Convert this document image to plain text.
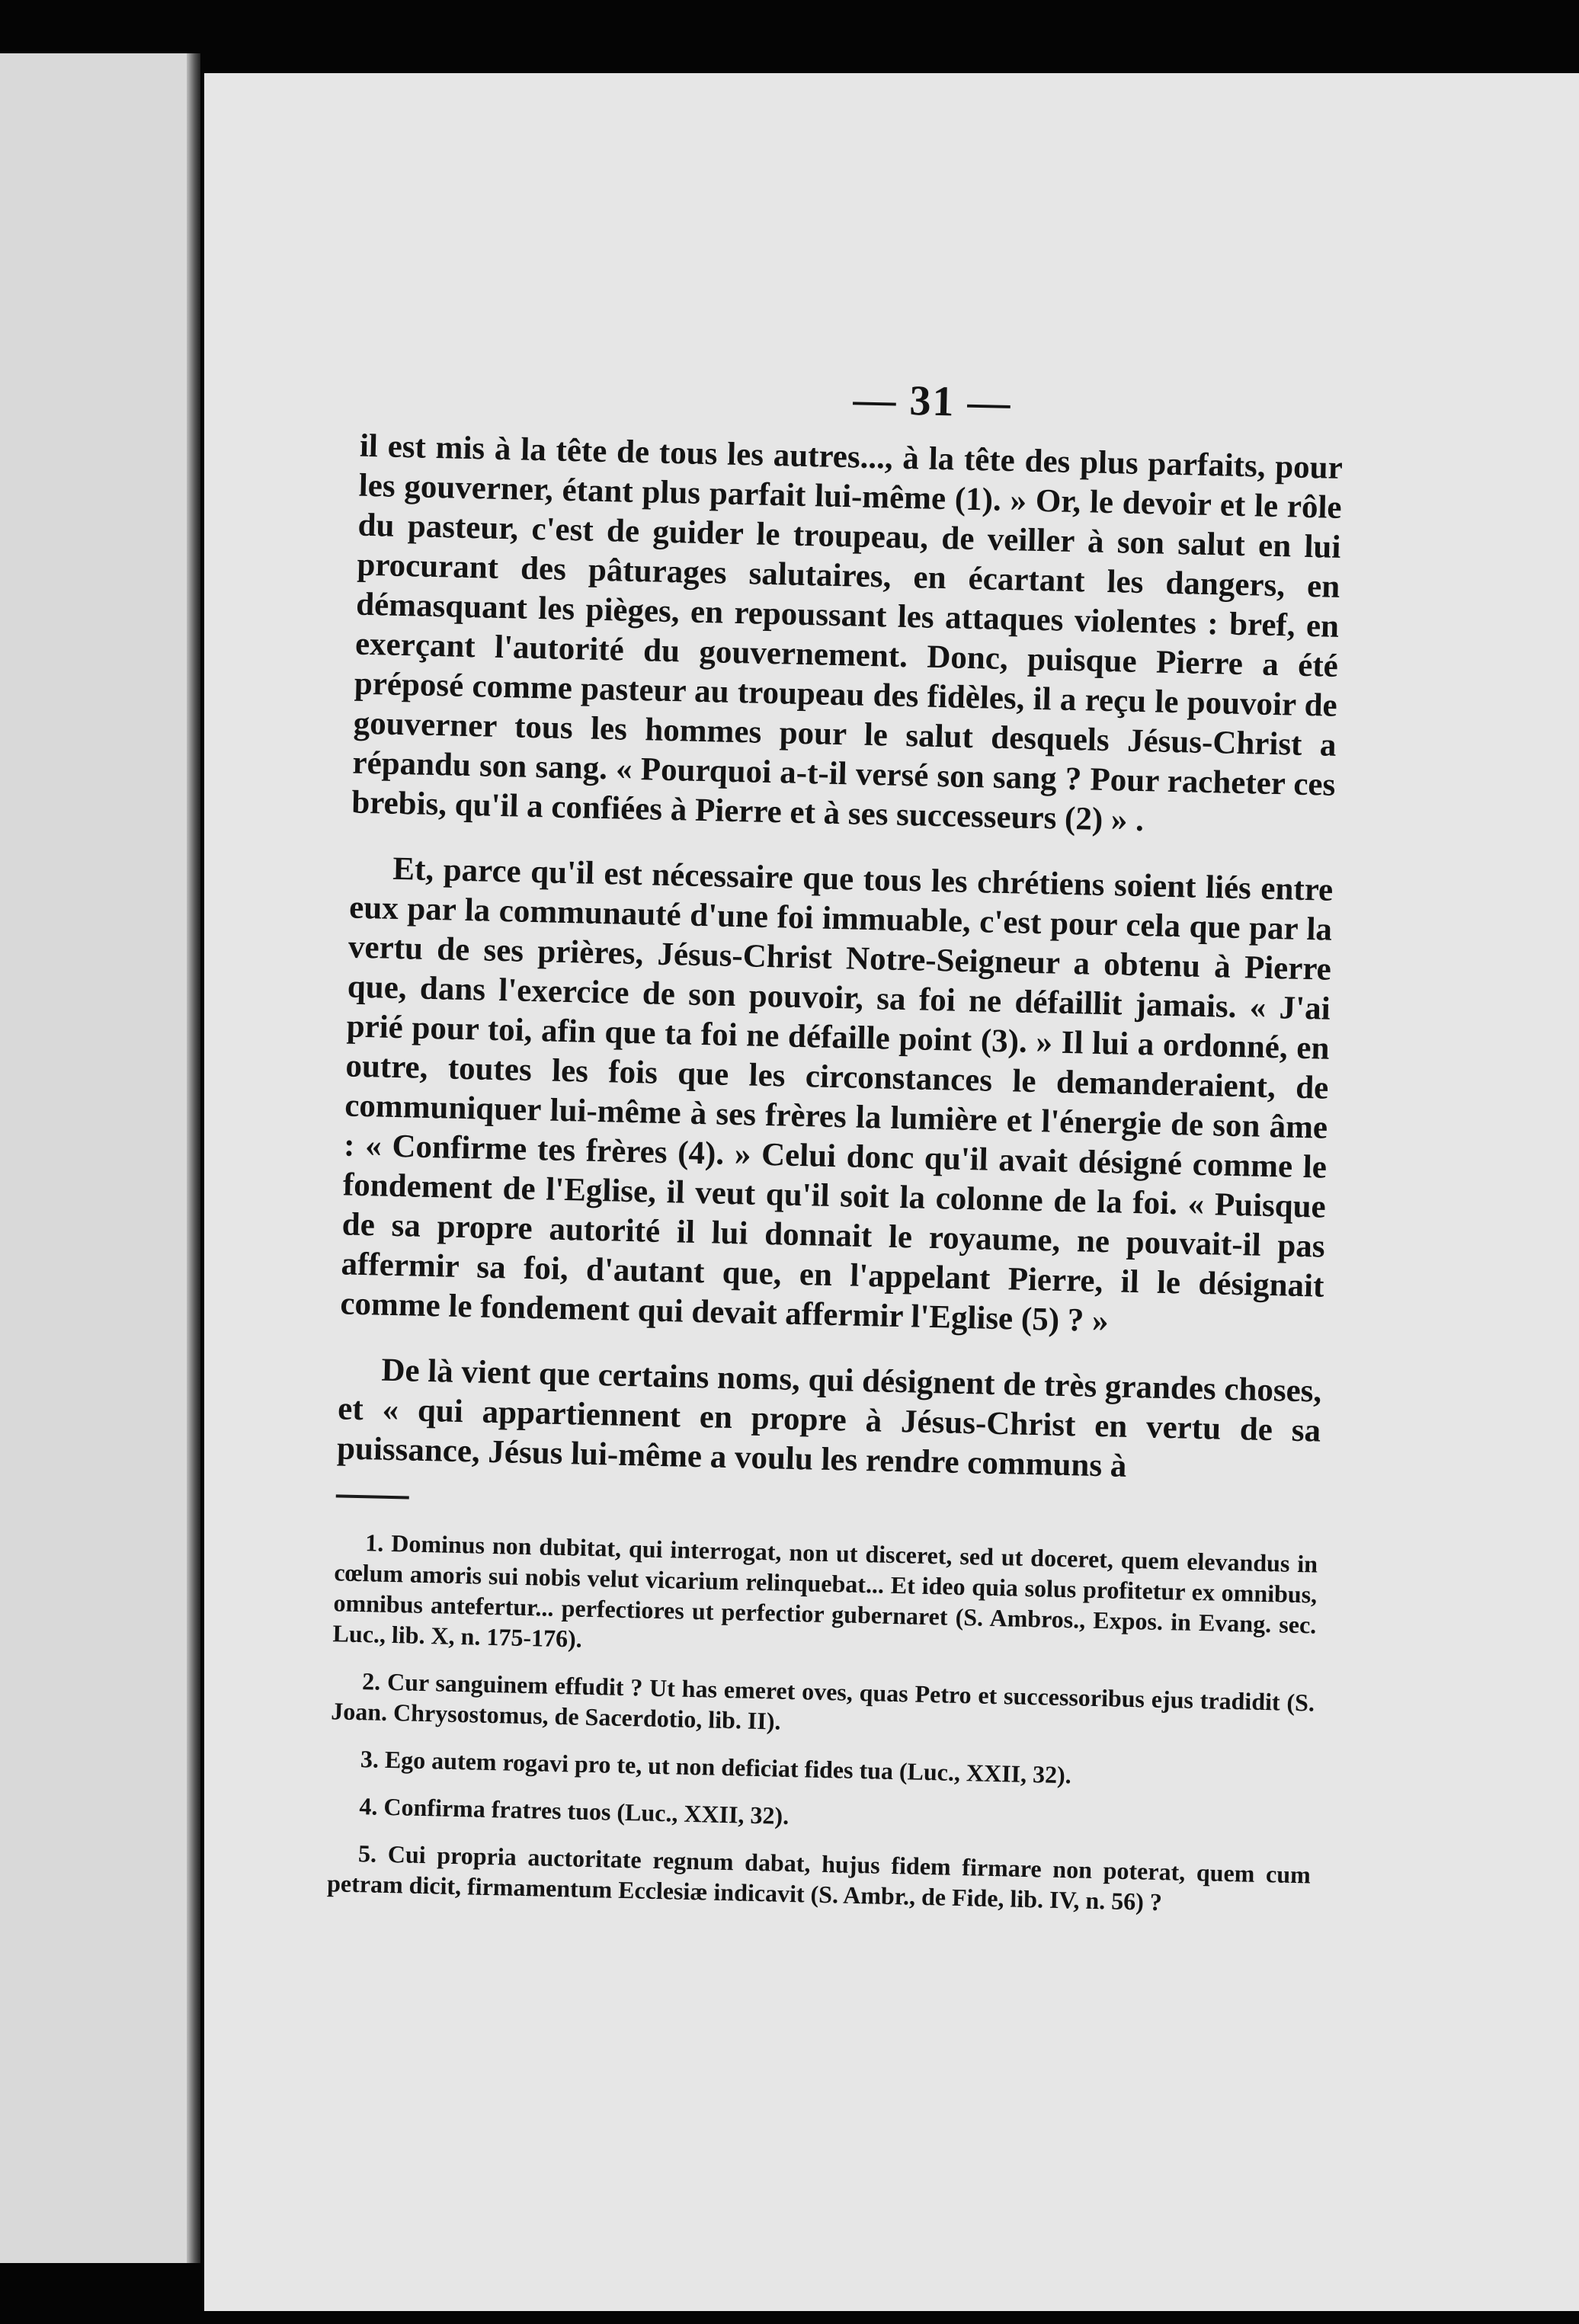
— 31 —

il est mis à la tête de tous les autres..., à la tête des plus parfaits, pour les gouverner, étant plus parfait lui-même (1). » Or, le devoir et le rôle du pasteur, c'est de guider le troupeau, de veiller à son salut en lui procurant des pâturages salutaires, en écartant les dangers, en démasquant les pièges, en repoussant les attaques violentes : bref, en exerçant l'autorité du gouvernement. Donc, puisque Pierre a été préposé comme pasteur au troupeau des fidèles, il a reçu le pouvoir de gouverner tous les hommes pour le salut desquels Jésus-Christ a répandu son sang. « Pourquoi a-t-il versé son sang ? Pour racheter ces brebis, qu'il a confiées à Pierre et à ses successeurs (2) » .

Et, parce qu'il est nécessaire que tous les chrétiens soient liés entre eux par la communauté d'une foi immuable, c'est pour cela que par la vertu de ses prières, Jésus-Christ Notre-Seigneur a obtenu à Pierre que, dans l'exercice de son pouvoir, sa foi ne défaillit jamais. « J'ai prié pour toi, afin que ta foi ne défaille point (3). » Il lui a ordonné, en outre, toutes les fois que les circonstances le demanderaient, de communiquer lui-même à ses frères la lumière et l'énergie de son âme : « Confirme tes frères (4). » Celui donc qu'il avait désigné comme le fondement de l'Eglise, il veut qu'il soit la colonne de la foi. « Puisque de sa propre autorité il lui donnait le royaume, ne pouvait-il pas affermir sa foi, d'autant que, en l'appelant Pierre, il le désignait comme le fondement qui devait affermir l'Eglise (5) ? »

De là vient que certains noms, qui désignent de très grandes choses, et « qui appartiennent en propre à Jésus-Christ en vertu de sa puissance, Jésus lui-même a voulu les rendre communs à

1. Dominus non dubitat, qui interrogat, non ut disceret, sed ut doceret, quem elevandus in cœlum amoris sui nobis velut vicarium relinquebat... Et ideo quia solus profitetur ex omnibus, omnibus antefertur... perfectiores ut perfectior gubernaret (S. Ambros., Expos. in Evang. sec. Luc., lib. X, n. 175-176).

2. Cur sanguinem effudit ? Ut has emeret oves, quas Petro et successoribus ejus tradidit (S. Joan. Chrysostomus, de Sacerdotio, lib. II).

3. Ego autem rogavi pro te, ut non deficiat fides tua (Luc., XXII, 32).

4. Confirma fratres tuos (Luc., XXII, 32).

5. Cui propria auctoritate regnum dabat, hujus fidem firmare non poterat, quem cum petram dicit, firmamentum Ecclesiæ indicavit (S. Ambr., de Fide, lib. IV, n. 56) ?
